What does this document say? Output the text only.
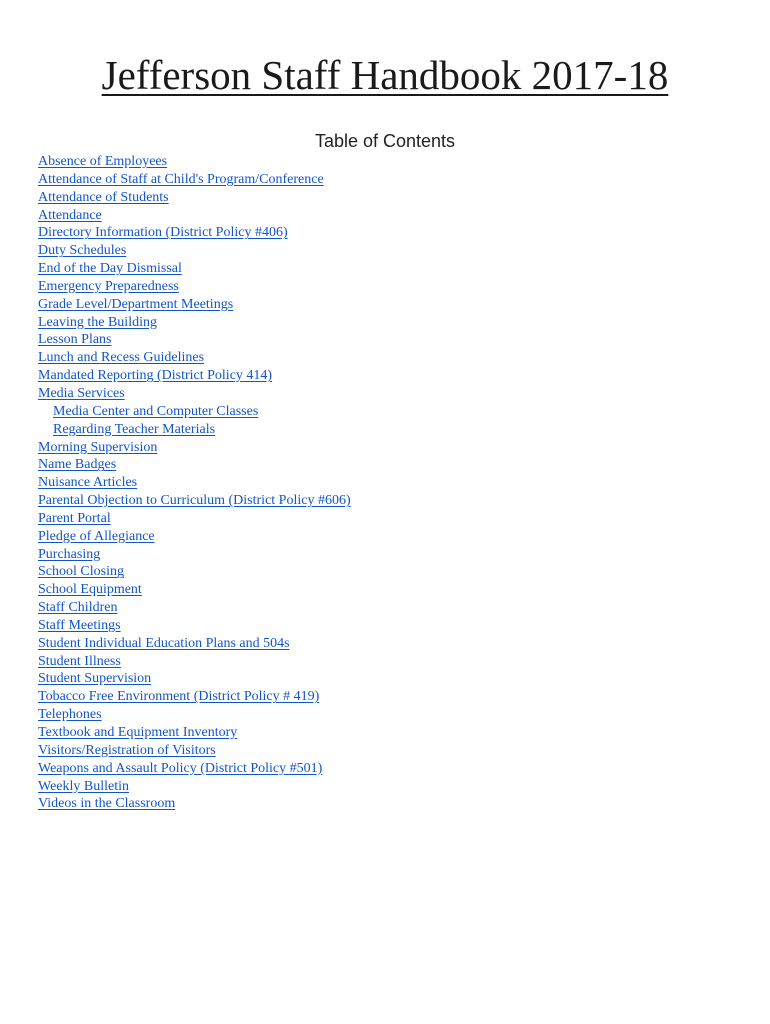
Jefferson Staff Handbook 2017-18
Table of Contents
Absence of Employees
Attendance of Staff at Child's Program/Conference
Attendance of Students
Attendance
Directory Information (District Policy #406)
Duty Schedules
End of the Day Dismissal
Emergency Preparedness
Grade Level/Department Meetings
Leaving the Building
Lesson Plans
Lunch and Recess Guidelines
Mandated Reporting (District Policy 414)
Media Services
Media Center and Computer Classes
Regarding Teacher Materials
Morning Supervision
Name Badges
Nuisance Articles
Parental Objection to Curriculum (District Policy #606)
Parent Portal
Pledge of Allegiance
Purchasing
School Closing
School Equipment
Staff Children
Staff Meetings
Student Individual Education Plans and 504s
Student Illness
Student Supervision
Tobacco Free Environment (District Policy # 419)
Telephones
Textbook and Equipment Inventory
Visitors/Registration of Visitors
Weapons and Assault Policy (District Policy #501)
Weekly Bulletin
Videos in the Classroom
